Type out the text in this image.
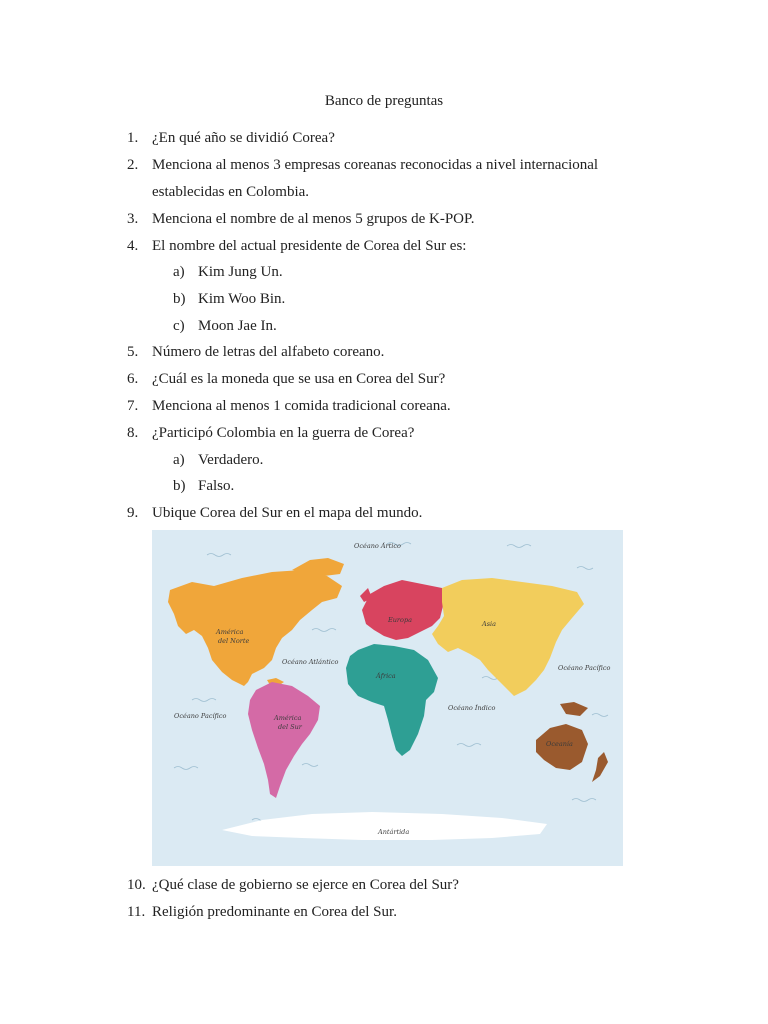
Banco de preguntas
1. ¿En qué año se dividió Corea?
2. Menciona al menos 3 empresas coreanas reconocidas a nivel internacional
establecidas en Colombia.
3. Menciona el nombre de al menos 5 grupos de K-POP.
4. El nombre del actual presidente de Corea del Sur es:
a) Kim Jung Un.
b) Kim Woo Bin.
c) Moon Jae In.
5. Número de letras del alfabeto coreano.
6. ¿Cuál es la moneda que se usa en Corea del Sur?
7. Menciona al menos 1 comida tradicional coreana.
8. ¿Participó Colombia en la guerra de Corea?
a) Verdadero.
b) Falso.
9. Ubique Corea del Sur en el mapa del mundo.
Océano Ártico
América
del Norte
Océano Atlántico
Europa	Asia
Océano Pacífico
África
Océano Pacífico	América
del Sur
Océano Índico
Oceanía
Antártida
10. ¿Qué clase de gobierno se ejerce en Corea del Sur?
11. Religión predominante en Corea del Sur.
